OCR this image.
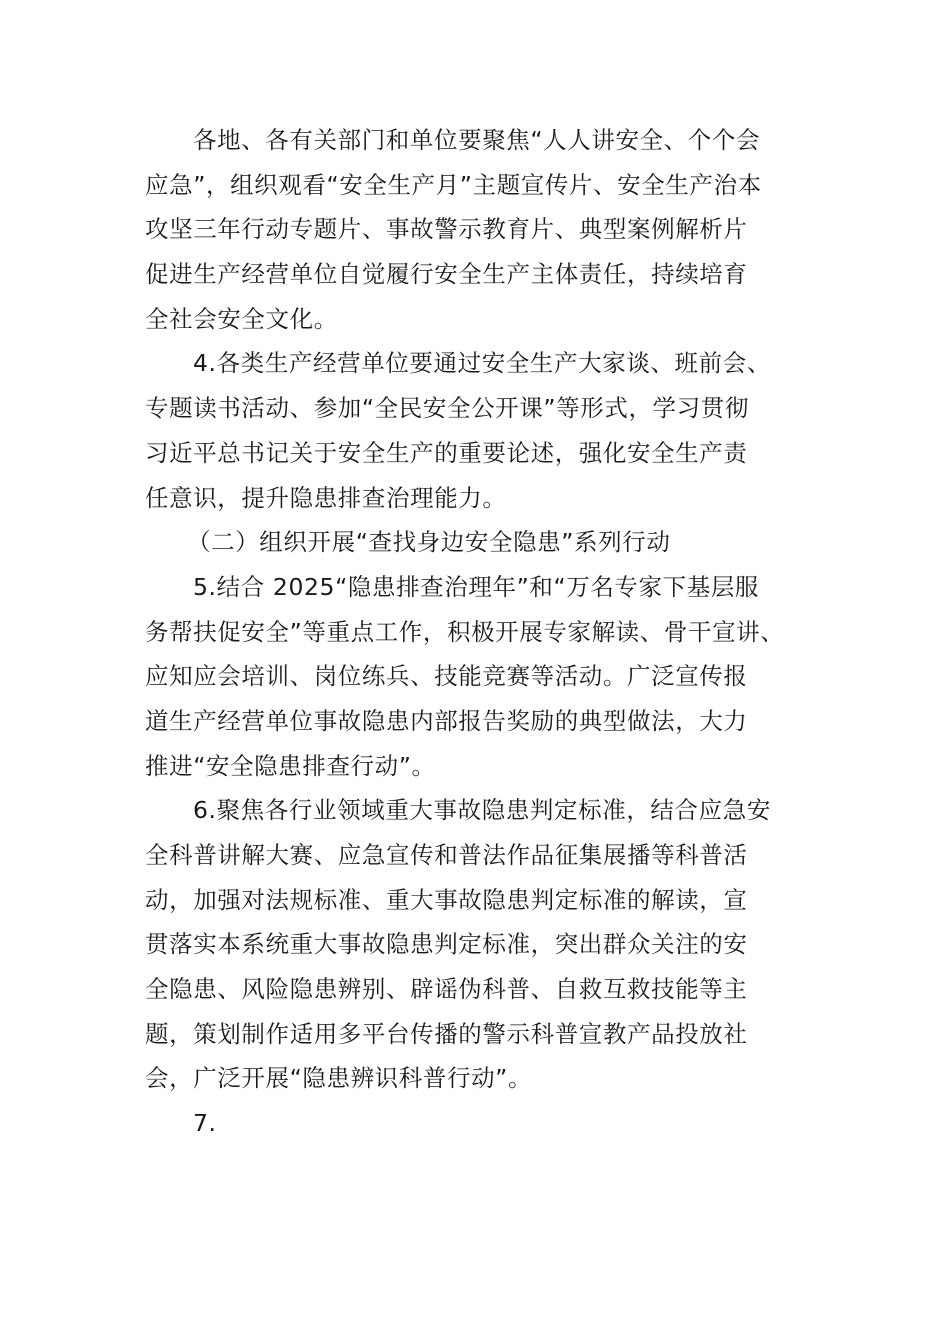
各地、各有关部门和单位要聚焦“人人讲安全、个个会
应急”，组织观看“安全生产月”主题宣传片、安全生产治本
攻坚三年行动专题片、事故警示教育片、典型案例解析片
促进生产经营单位自觉履行安全生产主体责任，持续培育
全社会安全文化。
4.各类生产经营单位要通过安全生产大家谈、班前会、
专题读书活动、参加“全民安全公开课”等形式，学习贯彻
习近平总书记关于安全生产的重要论述，强化安全生产责
任意识，提升隐患排查治理能力。
（二）组织开展“查找身边安全隐患”系列行动
5.结合 2025“隐患排查治理年”和“万名专家下基层服
务帮扶促安全”等重点工作，积极开展专家解读、骨干宣讲、
应知应会培训、岗位练兵、技能竞赛等活动。广泛宣传报
道生产经营单位事故隐患内部报告奖励的典型做法，大力
推进“安全隐患排查行动”。
6.聚焦各行业领域重大事故隐患判定标准，结合应急安
全科普讲解大赛、应急宣传和普法作品征集展播等科普活
动，加强对法规标准、重大事故隐患判定标准的解读，宣
贯落实本系统重大事故隐患判定标准，突出群众关注的安
全隐患、风险隐患辨别、辟谣伪科普、自救互救技能等主
题，策划制作适用多平台传播的警示科普宣教产品投放社
会，广泛开展“隐患辨识科普行动”。
7.
